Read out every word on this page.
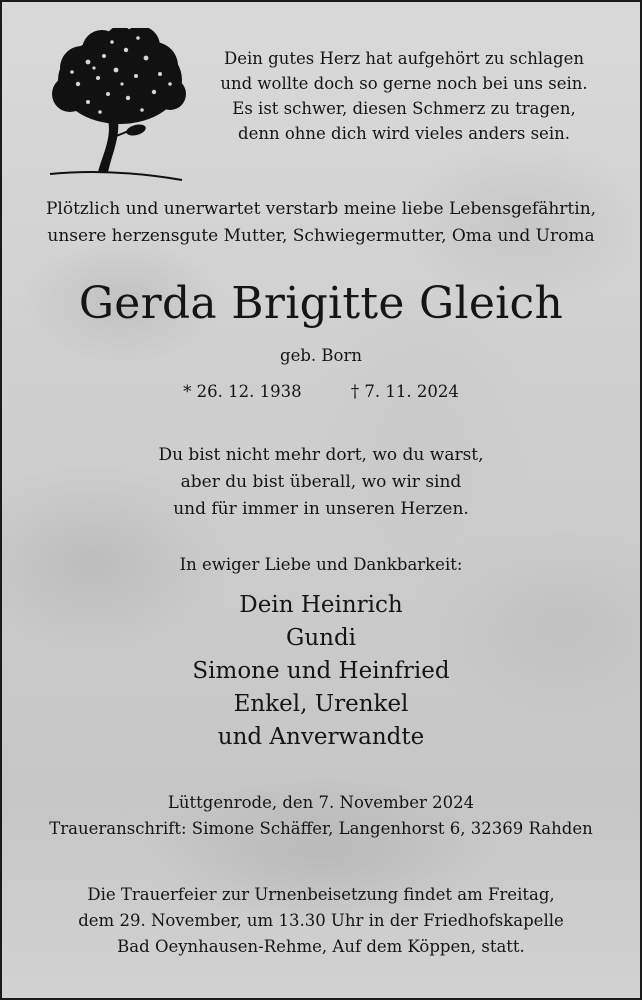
Dein gutes Herz hat aufgehört zu schlagen
und wollte doch so gerne noch bei uns sein.
Es ist schwer, diesen Schmerz zu tragen,
denn ohne dich wird vieles anders sein.
Plötzlich und unerwartet verstarb meine liebe Lebensgefährtin,
unsere herzensgute Mutter, Schwiegermutter, Oma und Uroma
Gerda Brigitte Gleich
geb. Born
* 26. 12. 1938	† 7. 11. 2024
Du bist nicht mehr dort, wo du warst,
aber du bist überall, wo wir sind
und für immer in unseren Herzen.
In ewiger Liebe und Dankbarkeit:
Dein Heinrich
Gundi
Simone und Heinfried
Enkel, Urenkel
und Anverwandte
Lüttgenrode, den 7. November 2024
Traueranschrift: Simone Schäffer, Langenhorst 6, 32369 Rahden
Die Trauerfeier zur Urnenbeisetzung findet am Freitag,
dem 29. November, um 13.30 Uhr in der Friedhofskapelle
Bad Oeynhausen-Rehme, Auf dem Köppen, statt.
